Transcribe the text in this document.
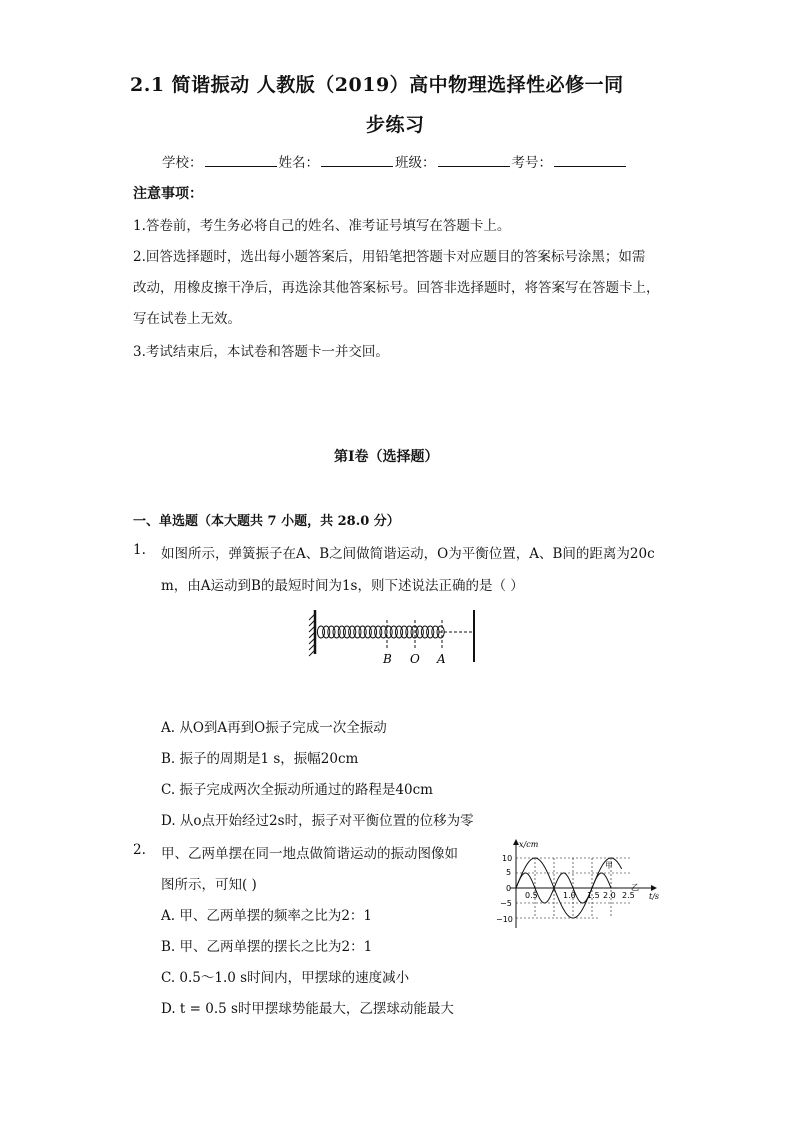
2.1 简谐振动 人教版（2019）高中物理选择性必修一同
步练习
学校：	姓名：	班级：	考号：
注意事项：
1.答卷前，考生务必将自己的姓名、准考证号填写在答题卡上。
2.回答选择题时，选出每小题答案后，用铅笔把答题卡对应题目的答案标号涂黑；如需
改动，用橡皮擦干净后，再选涂其他答案标号。回答非选择题时，将答案写在答题卡上，
写在试卷上无效。
3.考试结束后，本试卷和答题卡一并交回。
第Ⅰ卷（选择题）
一、单选题（本大题共 7 小题，共 28.0 分）
1. 如图所示，弹簧振子在A、B之间做简谐运动，O为平衡位置，A、B间的距离为20c
m，由A运动到B的最短时间为1s，则下述说法正确的是（ ）
B O A
A. 从O到A再到O振子完成一次全振动
B. 振子的周期是1 s，振幅20cm
C. 振子完成两次全振动所通过的路程是40cm
D. 从o点开始经过2s时，振子对平衡位置的位移为零
2. 甲、乙两单摆在同一地点做简谐运动的振动图像如
图所示，可知( )
A. 甲、乙两单摆的频率之比为2：1
B. 甲、乙两单摆的摆长之比为2：1
C. 0.5～1.0 s时间内，甲摆球的速度减小
D. t = 0.5 s时甲摆球势能最大，乙摆球动能最大
x/cm
t/s
10
5
0
−5
−10
0.5	1.0 1.5 2.0 2.5
甲
乙
